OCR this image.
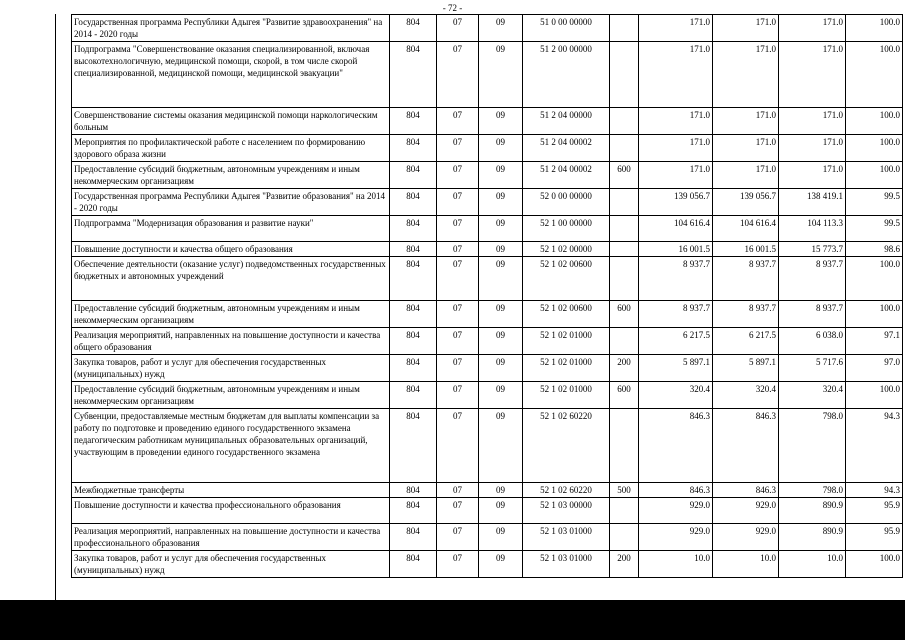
- 72 -
Государственная программа Республики Адыгея "Развитие здравоохранения" на 2014 - 2020 годы	804	07	09	51 0 00 00000		171.0	171.0	171.0	100.0
Подпрограмма "Совершенствование оказания специализированной, включая высокотехнологичную, медицинской помощи, скорой, в том числе скорой специализированной, медицинской помощи, медицинской эвакуации"	804	07	09	51 2 00 00000		171.0	171.0	171.0	100.0
Совершенствование системы оказания медицинской помощи наркологическим больным	804	07	09	51 2 04 00000		171.0	171.0	171.0	100.0
Мероприятия по профилактической работе с населением по формированию здорового образа жизни	804	07	09	51 2 04 00002		171.0	171.0	171.0	100.0
Предоставление субсидий бюджетным, автономным учреждениям и иным некоммерческим организациям	804	07	09	51 2 04 00002	600	171.0	171.0	171.0	100.0
Государственная программа Республики Адыгея "Развитие образования" на 2014 - 2020 годы	804	07	09	52 0 00 00000		139 056.7	139 056.7	138 419.1	99.5
Подпрограмма "Модернизация образования и развитие науки"	804	07	09	52 1 00 00000		104 616.4	104 616.4	104 113.3	99.5
Повышение доступности и качества общего образования	804	07	09	52 1 02 00000		16 001.5	16 001.5	15 773.7	98.6
Обеспечение деятельности (оказание услуг) подведомственных государственных бюджетных и автономных учреждений	804	07	09	52 1 02 00600		8 937.7	8 937.7	8 937.7	100.0
Предоставление субсидий бюджетным, автономным учреждениям и иным некоммерческим организациям	804	07	09	52 1 02 00600	600	8 937.7	8 937.7	8 937.7	100.0
Реализация мероприятий, направленных на повышение доступности и качества общего образования	804	07	09	52 1 02 01000		6 217.5	6 217.5	6 038.0	97.1
Закупка товаров, работ и услуг для обеспечения государственных (муниципальных) нужд	804	07	09	52 1 02 01000	200	5 897.1	5 897.1	5 717.6	97.0
Предоставление субсидий бюджетным, автономным учреждениям и иным некоммерческим организациям	804	07	09	52 1 02 01000	600	320.4	320.4	320.4	100.0
Субвенции, предоставляемые местным бюджетам для выплаты компенсации за работу по подготовке и проведению единого государственного экзамена педагогическим работникам муниципальных образовательных организаций, участвующим в проведении единого государственного экзамена	804	07	09	52 1 02 60220		846.3	846.3	798.0	94.3
Межбюджетные трансферты	804	07	09	52 1 02 60220	500	846.3	846.3	798.0	94.3
Повышение доступности и качества профессионального образования	804	07	09	52 1 03 00000		929.0	929.0	890.9	95.9
Реализация мероприятий, направленных на повышение доступности и качества профессионального образования	804	07	09	52 1 03 01000		929.0	929.0	890.9	95.9
Закупка товаров, работ и услуг для обеспечения государственных (муниципальных) нужд	804	07	09	52 1 03 01000	200	10.0	10.0	10.0	100.0
